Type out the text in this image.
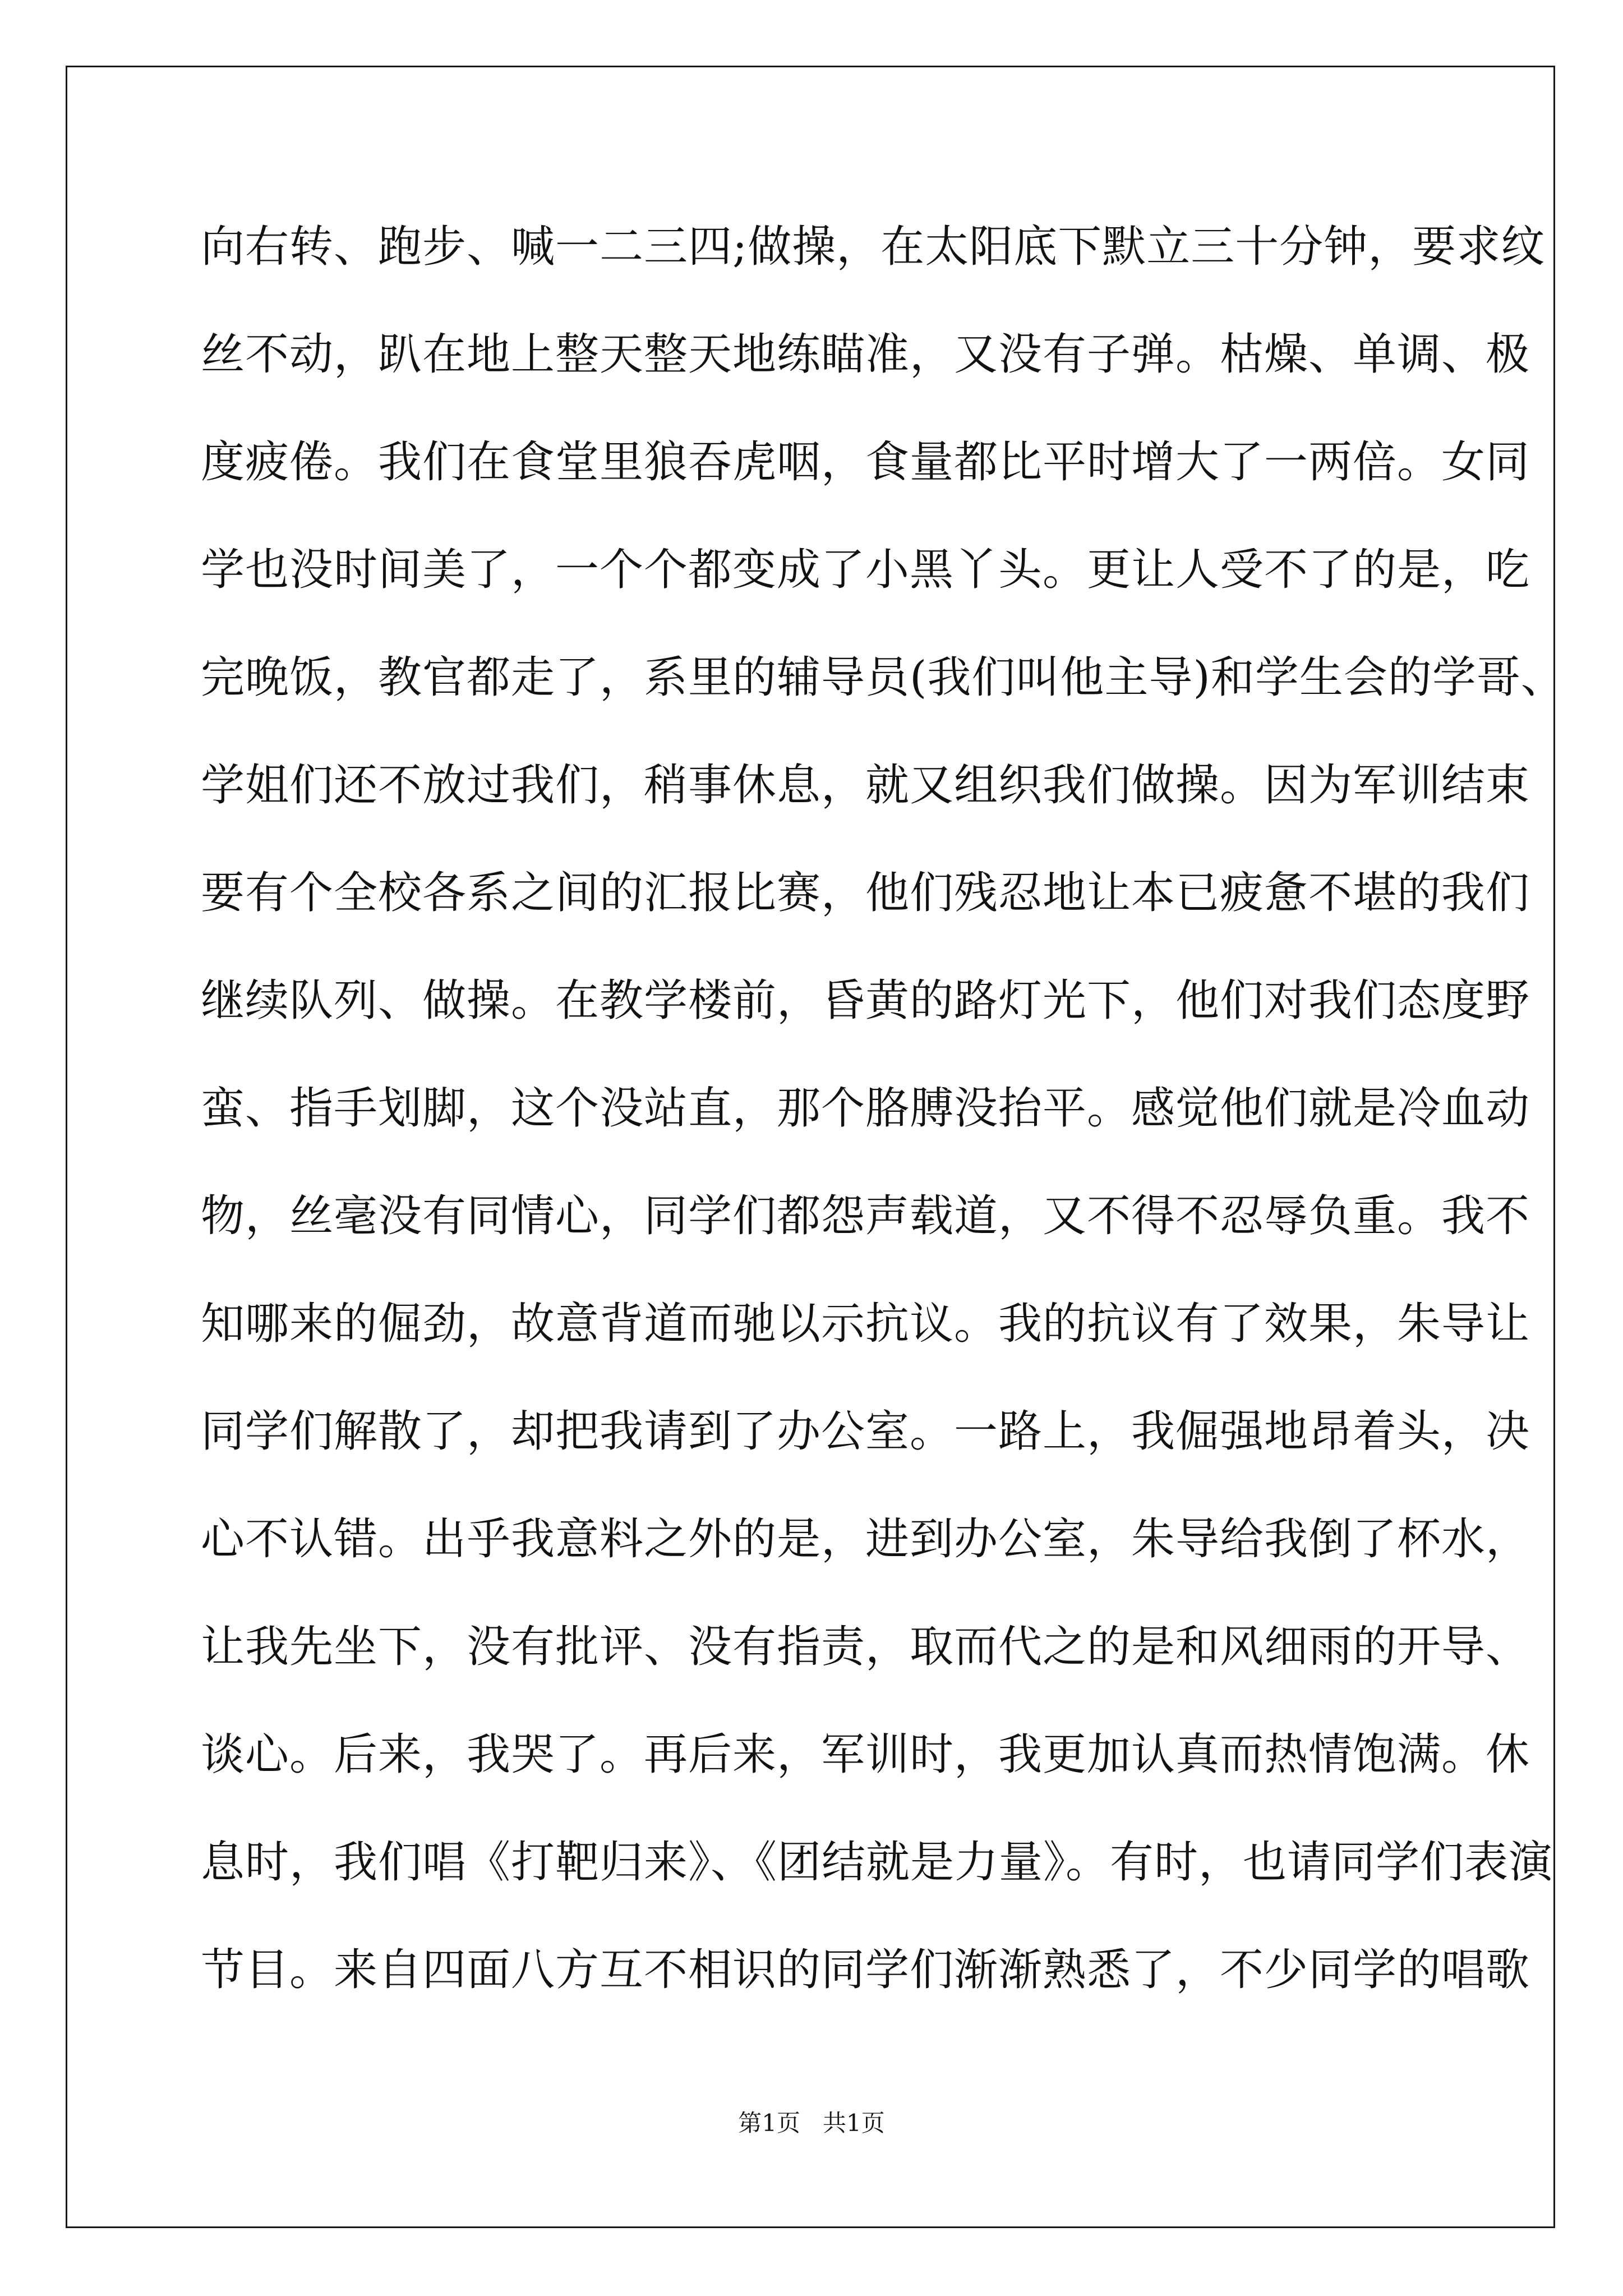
向右转、跑步、喊一二三四;做操，在太阳底下默立三十分钟，要求纹
丝不动，趴在地上整天整天地练瞄准，又没有子弹。枯燥、单调、极
度疲倦。我们在食堂里狼吞虎咽，食量都比平时增大了一两倍。女同
学也没时间美了，一个个都变成了小黑丫头。更让人受不了的是，吃
完晚饭，教官都走了，系里的辅导员(我们叫他主导)和学生会的学哥、
学姐们还不放过我们，稍事休息，就又组织我们做操。因为军训结束
要有个全校各系之间的汇报比赛，他们残忍地让本已疲惫不堪的我们
继续队列、做操。在教学楼前，昏黄的路灯光下，他们对我们态度野
蛮、指手划脚，这个没站直，那个胳膊没抬平。感觉他们就是冷血动
物，丝毫没有同情心，同学们都怨声载道，又不得不忍辱负重。我不
知哪来的倔劲，故意背道而驰以示抗议。我的抗议有了效果，朱导让
同学们解散了，却把我请到了办公室。一路上，我倔强地昂着头，决
心不认错。出乎我意料之外的是，进到办公室，朱导给我倒了杯水，
让我先坐下，没有批评、没有指责，取而代之的是和风细雨的开导、
谈心。后来，我哭了。再后来，军训时，我更加认真而热情饱满。休
息时，我们唱《打靶归来》、《团结就是力量》。有时，也请同学们表演
节目。来自四面八方互不相识的同学们渐渐熟悉了，不少同学的唱歌
第1页 共1页
